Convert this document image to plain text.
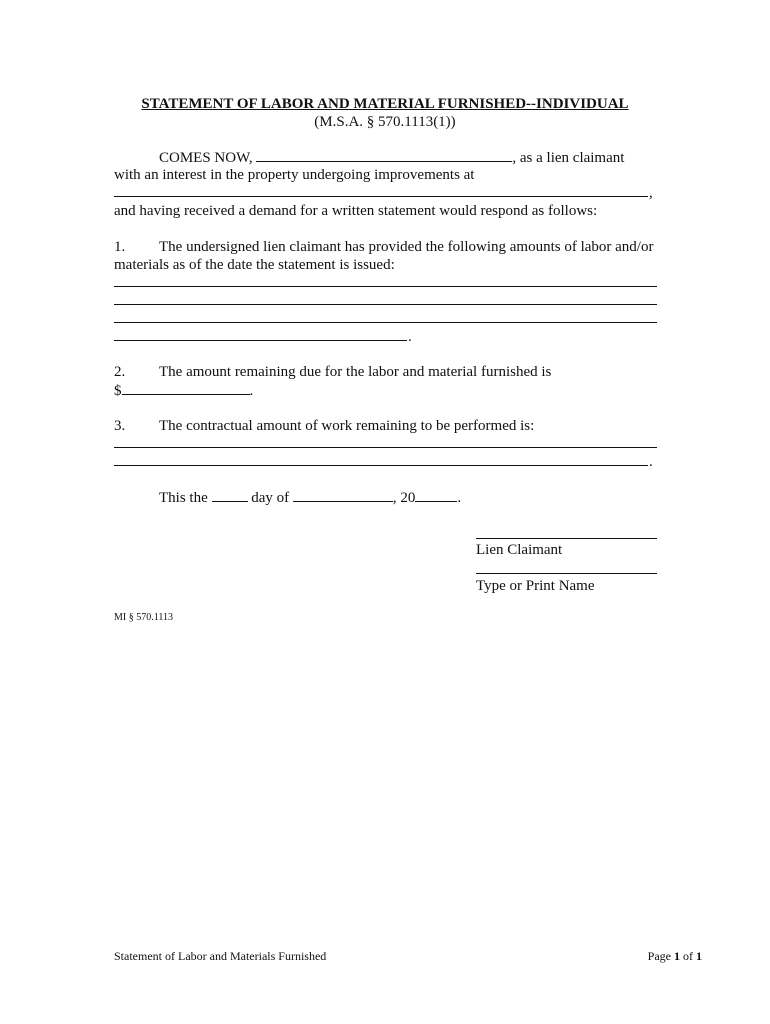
STATEMENT OF LABOR AND MATERIAL FURNISHED--INDIVIDUAL
(M.S.A. § 570.1113(1))
COMES NOW,	, as a lien claimant
with an interest in the property undergoing improvements at
,
and having received a demand for a written statement would respond as follows:
1. The undersigned lien claimant has provided the following amounts of labor and/or
materials as of the date the statement is issued:
.
2. The amount remaining due for the labor and material furnished is
$	.
3. The contractual amount of work remaining to be performed is:
.
This the	day of	, 20	.
Lien Claimant
Type or Print Name
MI § 570.1113
Statement of Labor and Materials Furnished	Page 1 of 1
